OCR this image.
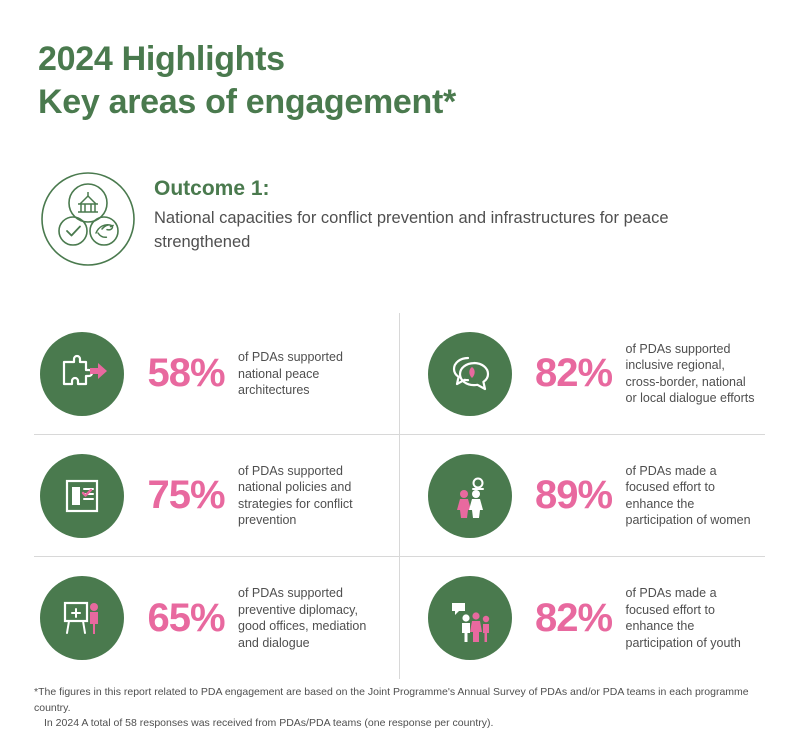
2024 Highlights
Key areas of engagement*
Outcome 1:
National capacities for conflict prevention and infrastructures for peace strengthened
58%	of PDAs supported national peace architectures	82%
of PDAs supported inclusive regional, cross-border, national or local dialogue efforts
75%
of PDAs supported national policies and strategies for conflict prevention
89%
of PDAs made a focused effort to enhance the participation of women
65%
of PDAs supported preventive diplomacy, good offices, mediation and dialogue
82%
of PDAs made a focused effort to enhance the participation of youth
*The figures in this report related to PDA engagement are based on the Joint Programme's Annual Survey of PDAs and/or PDA teams in each programme country.
In 2024 A total of 58 responses was received from PDAs/PDA teams (one response per country).
